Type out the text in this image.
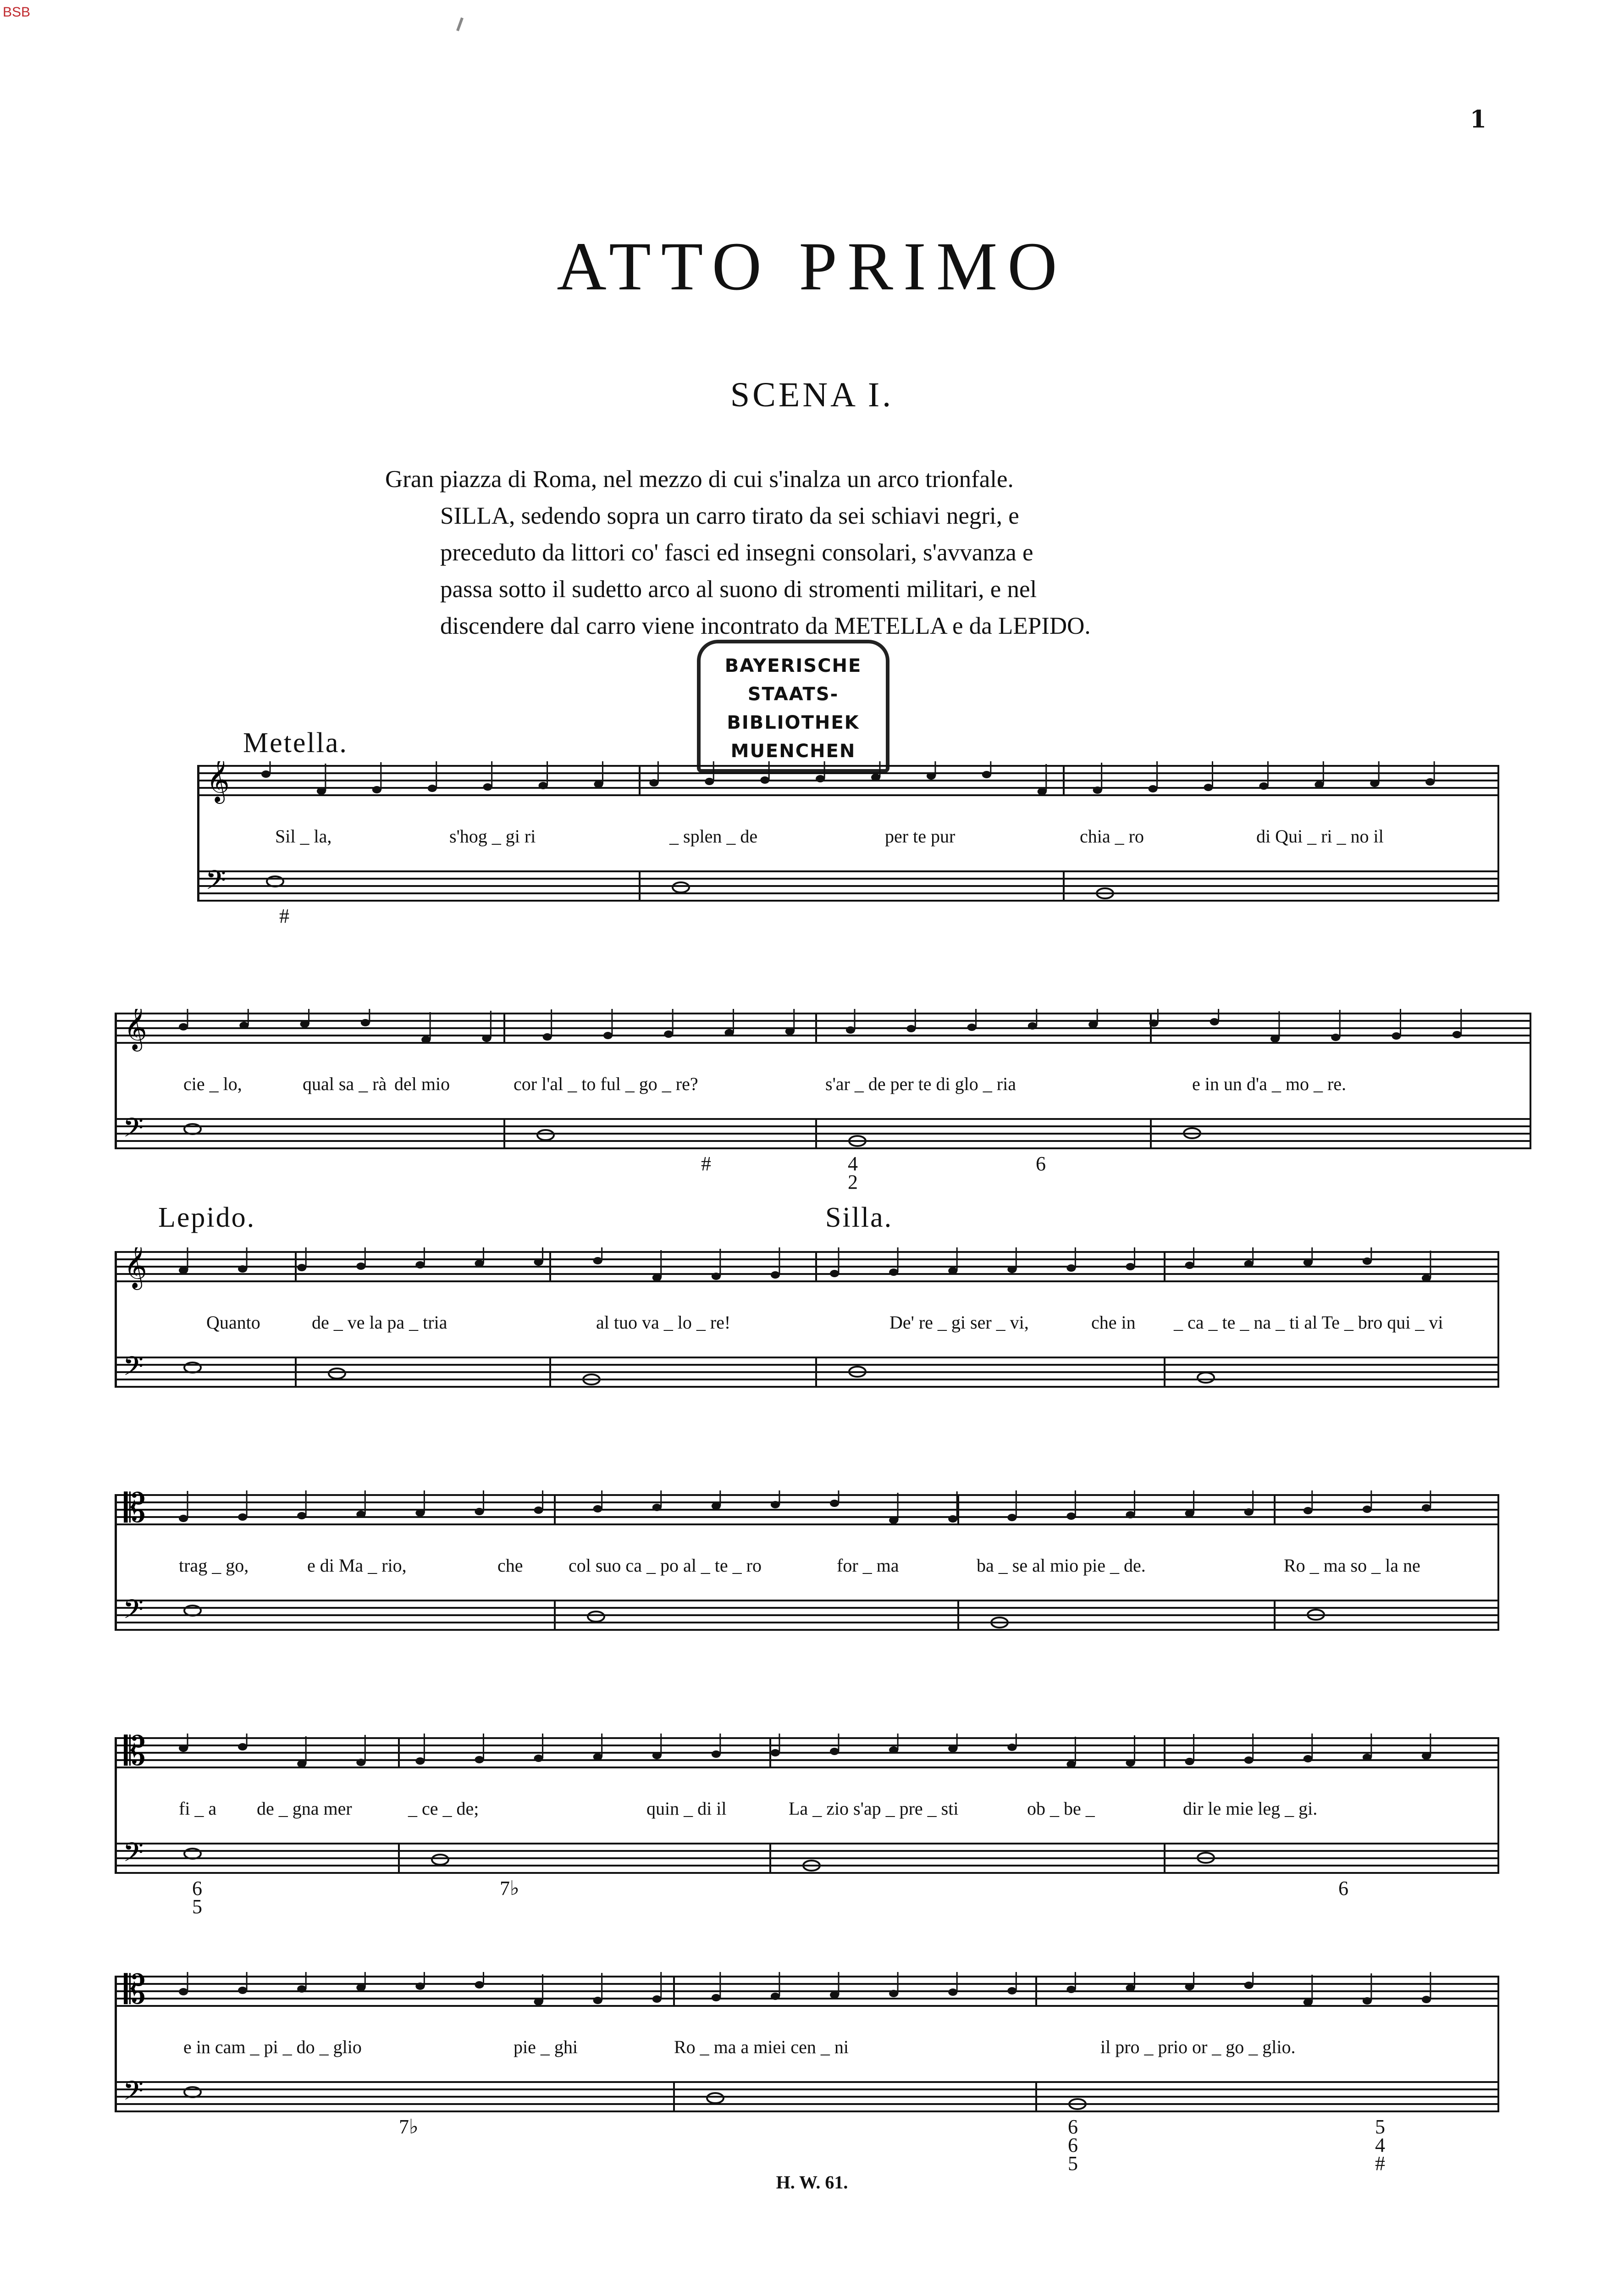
BSB
1
ATTO PRIMO
SCENA I.

Gran piazza di Roma, nel mezzo di cui s'inalza un arco trionfale.

SILLA, sedendo sopra un carro tirato da sei schiavi negri, e

preceduto da littori co' fasci ed insegni consolari, s'avvanza e

passa sotto il sudetto arco al suono di stromenti militari, e nel

discendere dal carro viene incontrato da METELLA e da LEPIDO.

BAYERISCHE
STAATS-
BIBLIOTHEK
MUENCHEN
Metella.
Lepido.	Silla.
𝄞
𝄢
Sil _ la,	s'hog _ gi ri	_ splen _ de	per te pur	chia _ ro	di Qui _ ri _ no il
#
𝄞
𝄢
cie _ lo,	qual sa _ rà del mio	cor l'al _ to ful _ go _ re?	s'ar _ de per te di glo _ ria	e in un d'a _ mo _ re.
#	4
2
6
𝄞
𝄢
Quanto	de _ ve la pa _ tria	al tuo va _ lo _ re!	De' re _ gi ser _ vi,	che in _ ca _ te _ na _ ti al Te _ bro qui _ vi
𝄡
𝄢
trag _ go,	e di Ma _ rio,	che col suo ca _ po al _ te _ ro	for _ ma	ba _ se al mio pie _ de.	Ro _ ma so _ la ne
𝄡
𝄢
fi _ a de _ gna mer	_ ce _ de;	quin _ di il	La _ zio s'ap _ pre _ sti	ob _ be _	dir le mie leg _ gi.
6
5
7♭	6
𝄡
𝄢
e in cam _ pi _ do _ glio	pie _ ghi	Ro _ ma a miei cen _ ni	il pro _ prio or _ go _ glio.
7♭	6
6
5
5
4
#
H. W. 61.
